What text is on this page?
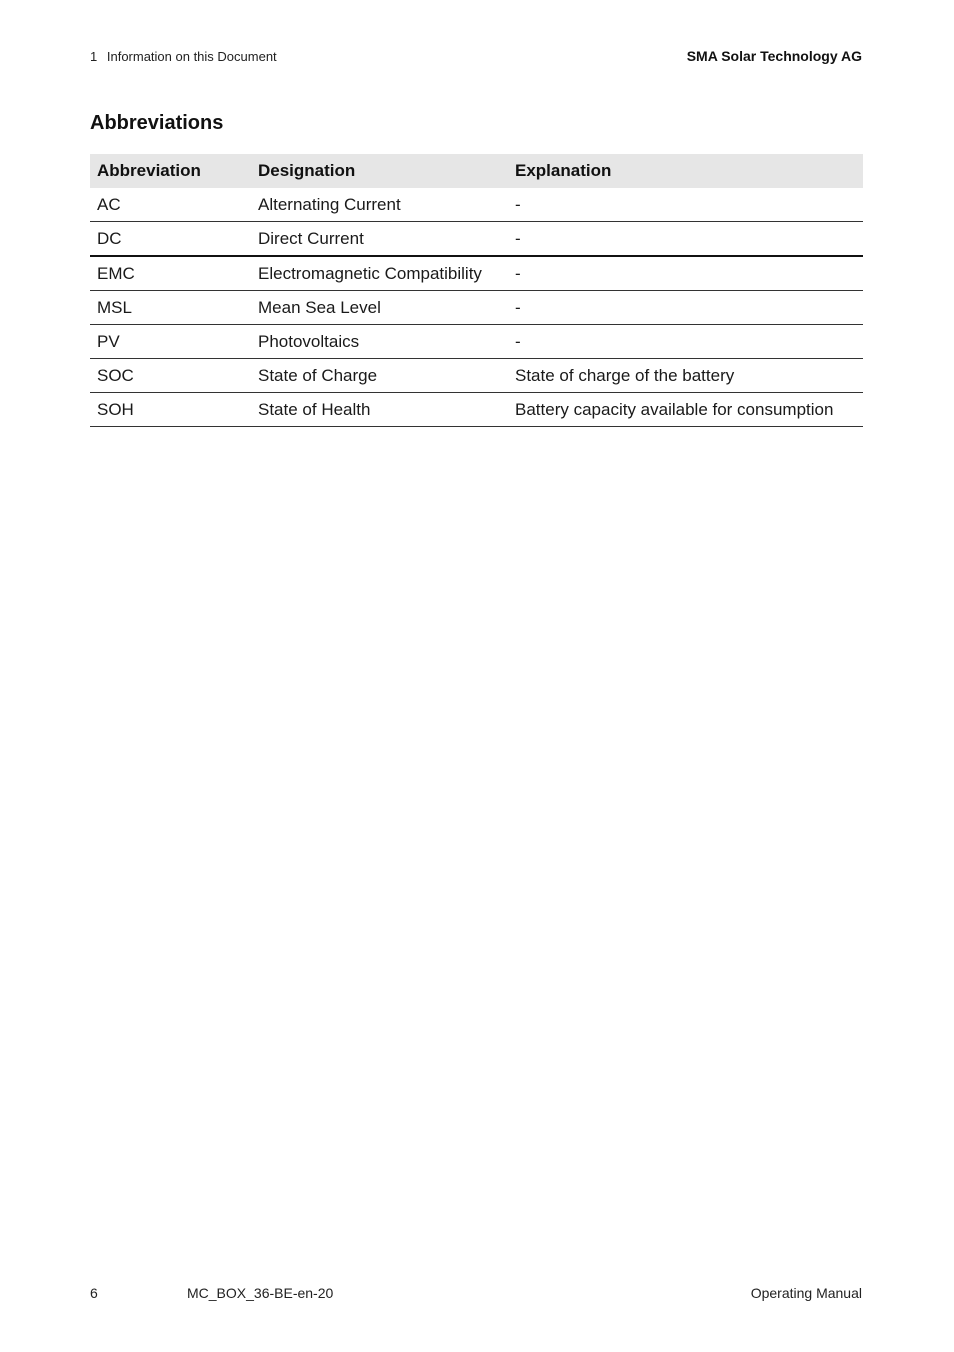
1 Information on this Document	SMA Solar Technology AG
Abbreviations
Abbreviation	Designation	Explanation
AC	Alternating Current	-
DC	Direct Current	-
EMC	Electromagnetic Compatibility	-
MSL	Mean Sea Level	-
PV	Photovoltaics	-
SOC	State of Charge	State of charge of the battery
SOH	State of Health	Battery capacity available for consumption
6	MC_BOX_36-BE-en-20	Operating Manual
